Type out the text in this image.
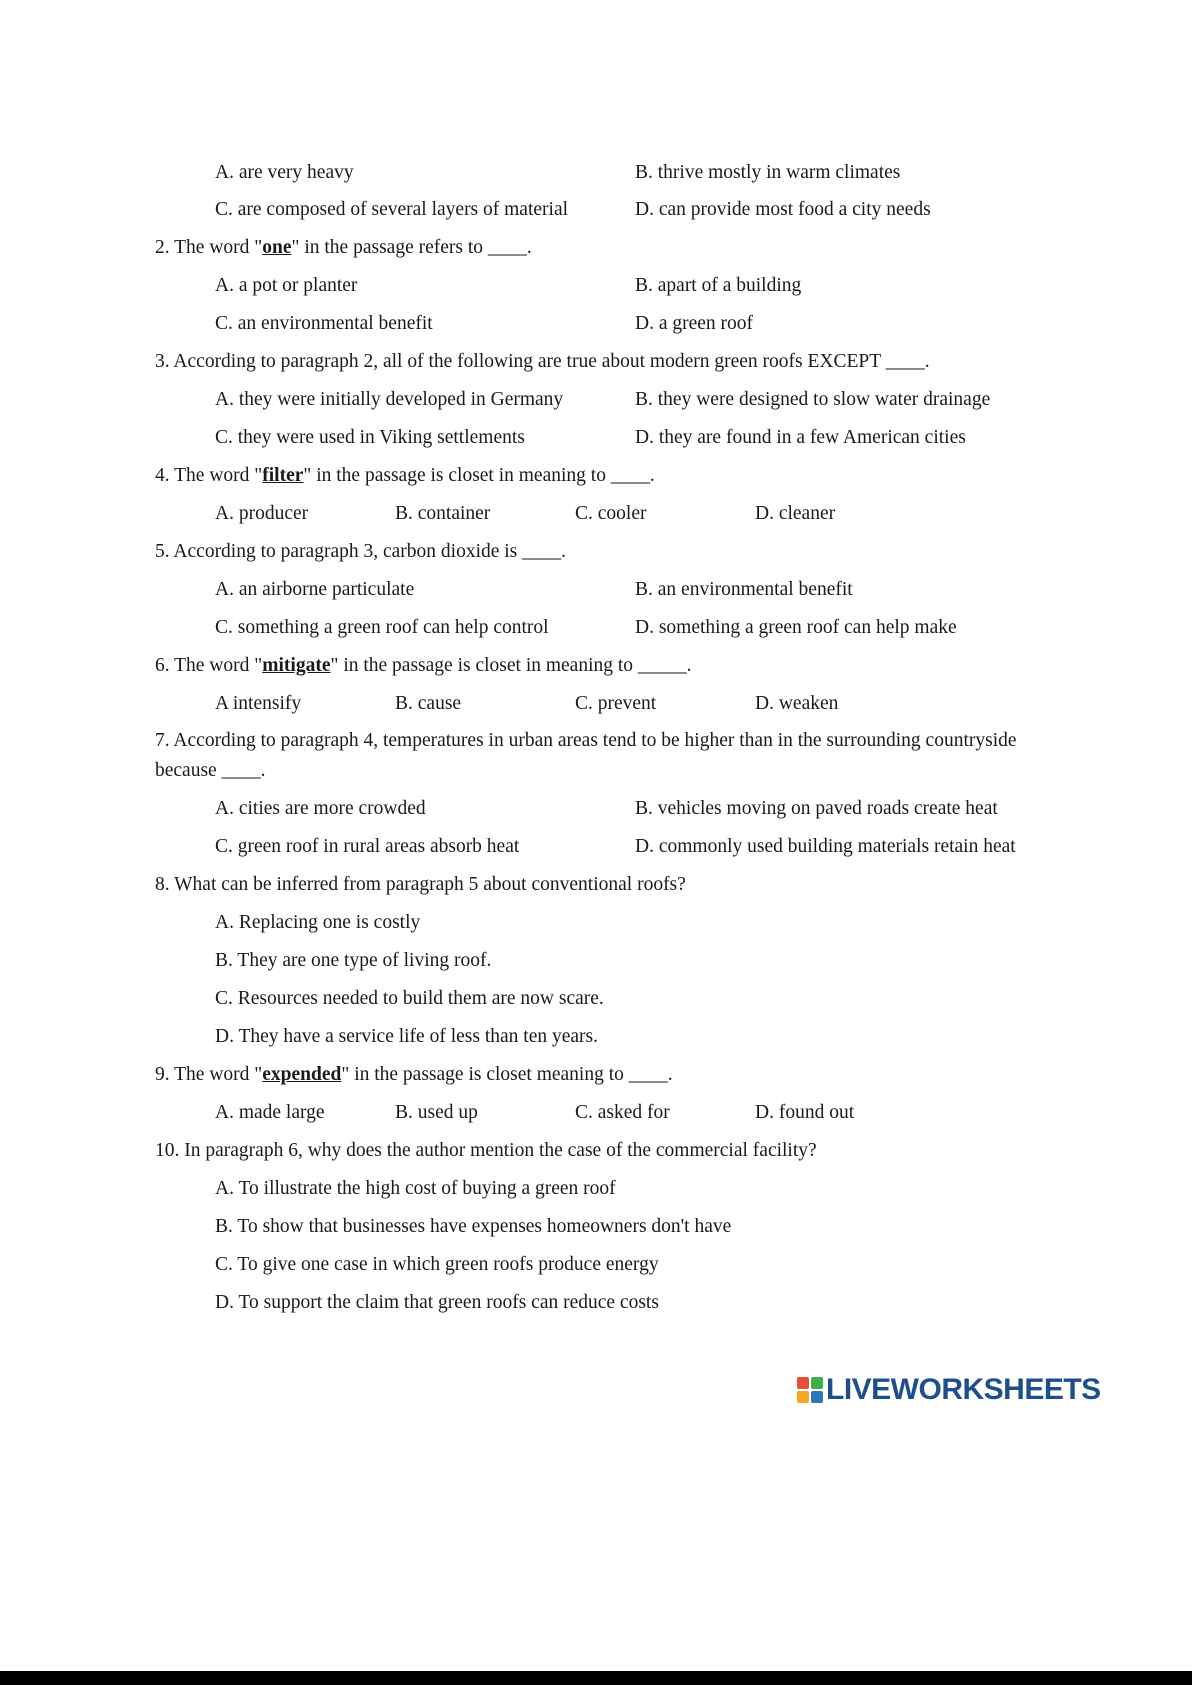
A. are very heavy	B. thrive mostly in warm climates
C. are composed of several layers of material	D. can provide most food a city needs
2. The word "one" in the passage refers to ____.
A. a pot or planter	B. apart of a building
C. an environmental benefit	D. a green roof
3. According to paragraph 2, all of the following are true about modern green roofs EXCEPT ____.
A. they were initially developed in Germany	B. they were designed to slow water drainage
C. they were used in Viking settlements	D. they are found in a few American cities
4. The word "filter" in the passage is closet in meaning to ____.
A. producer	B. container	C. cooler	D. cleaner
5. According to paragraph 3, carbon dioxide is ____.
A. an airborne particulate	B. an environmental benefit
C. something a green roof can help control	D. something a green roof can help make
6. The word "mitigate" in the passage is closet in meaning to _____.
A intensify	B. cause	C. prevent	D. weaken
7. According to paragraph 4, temperatures in urban areas tend to be higher than in the surrounding countryside
because ____.
A. cities are more crowded	B. vehicles moving on paved roads create heat
C. green roof in rural areas absorb heat	D. commonly used building materials retain heat
8. What can be inferred from paragraph 5 about conventional roofs?
A. Replacing one is costly
B. They are one type of living roof.
C. Resources needed to build them are now scare.
D. They have a service life of less than ten years.
9. The word "expended" in the passage is closet meaning to ____.
A. made large	B. used up	C. asked for	D. found out
10. In paragraph 6, why does the author mention the case of the commercial facility?
A. To illustrate the high cost of buying a green roof
B. To show that businesses have expenses homeowners don't have
C. To give one case in which green roofs produce energy
D. To support the claim that green roofs can reduce costs
LIVEWORKSHEETS
